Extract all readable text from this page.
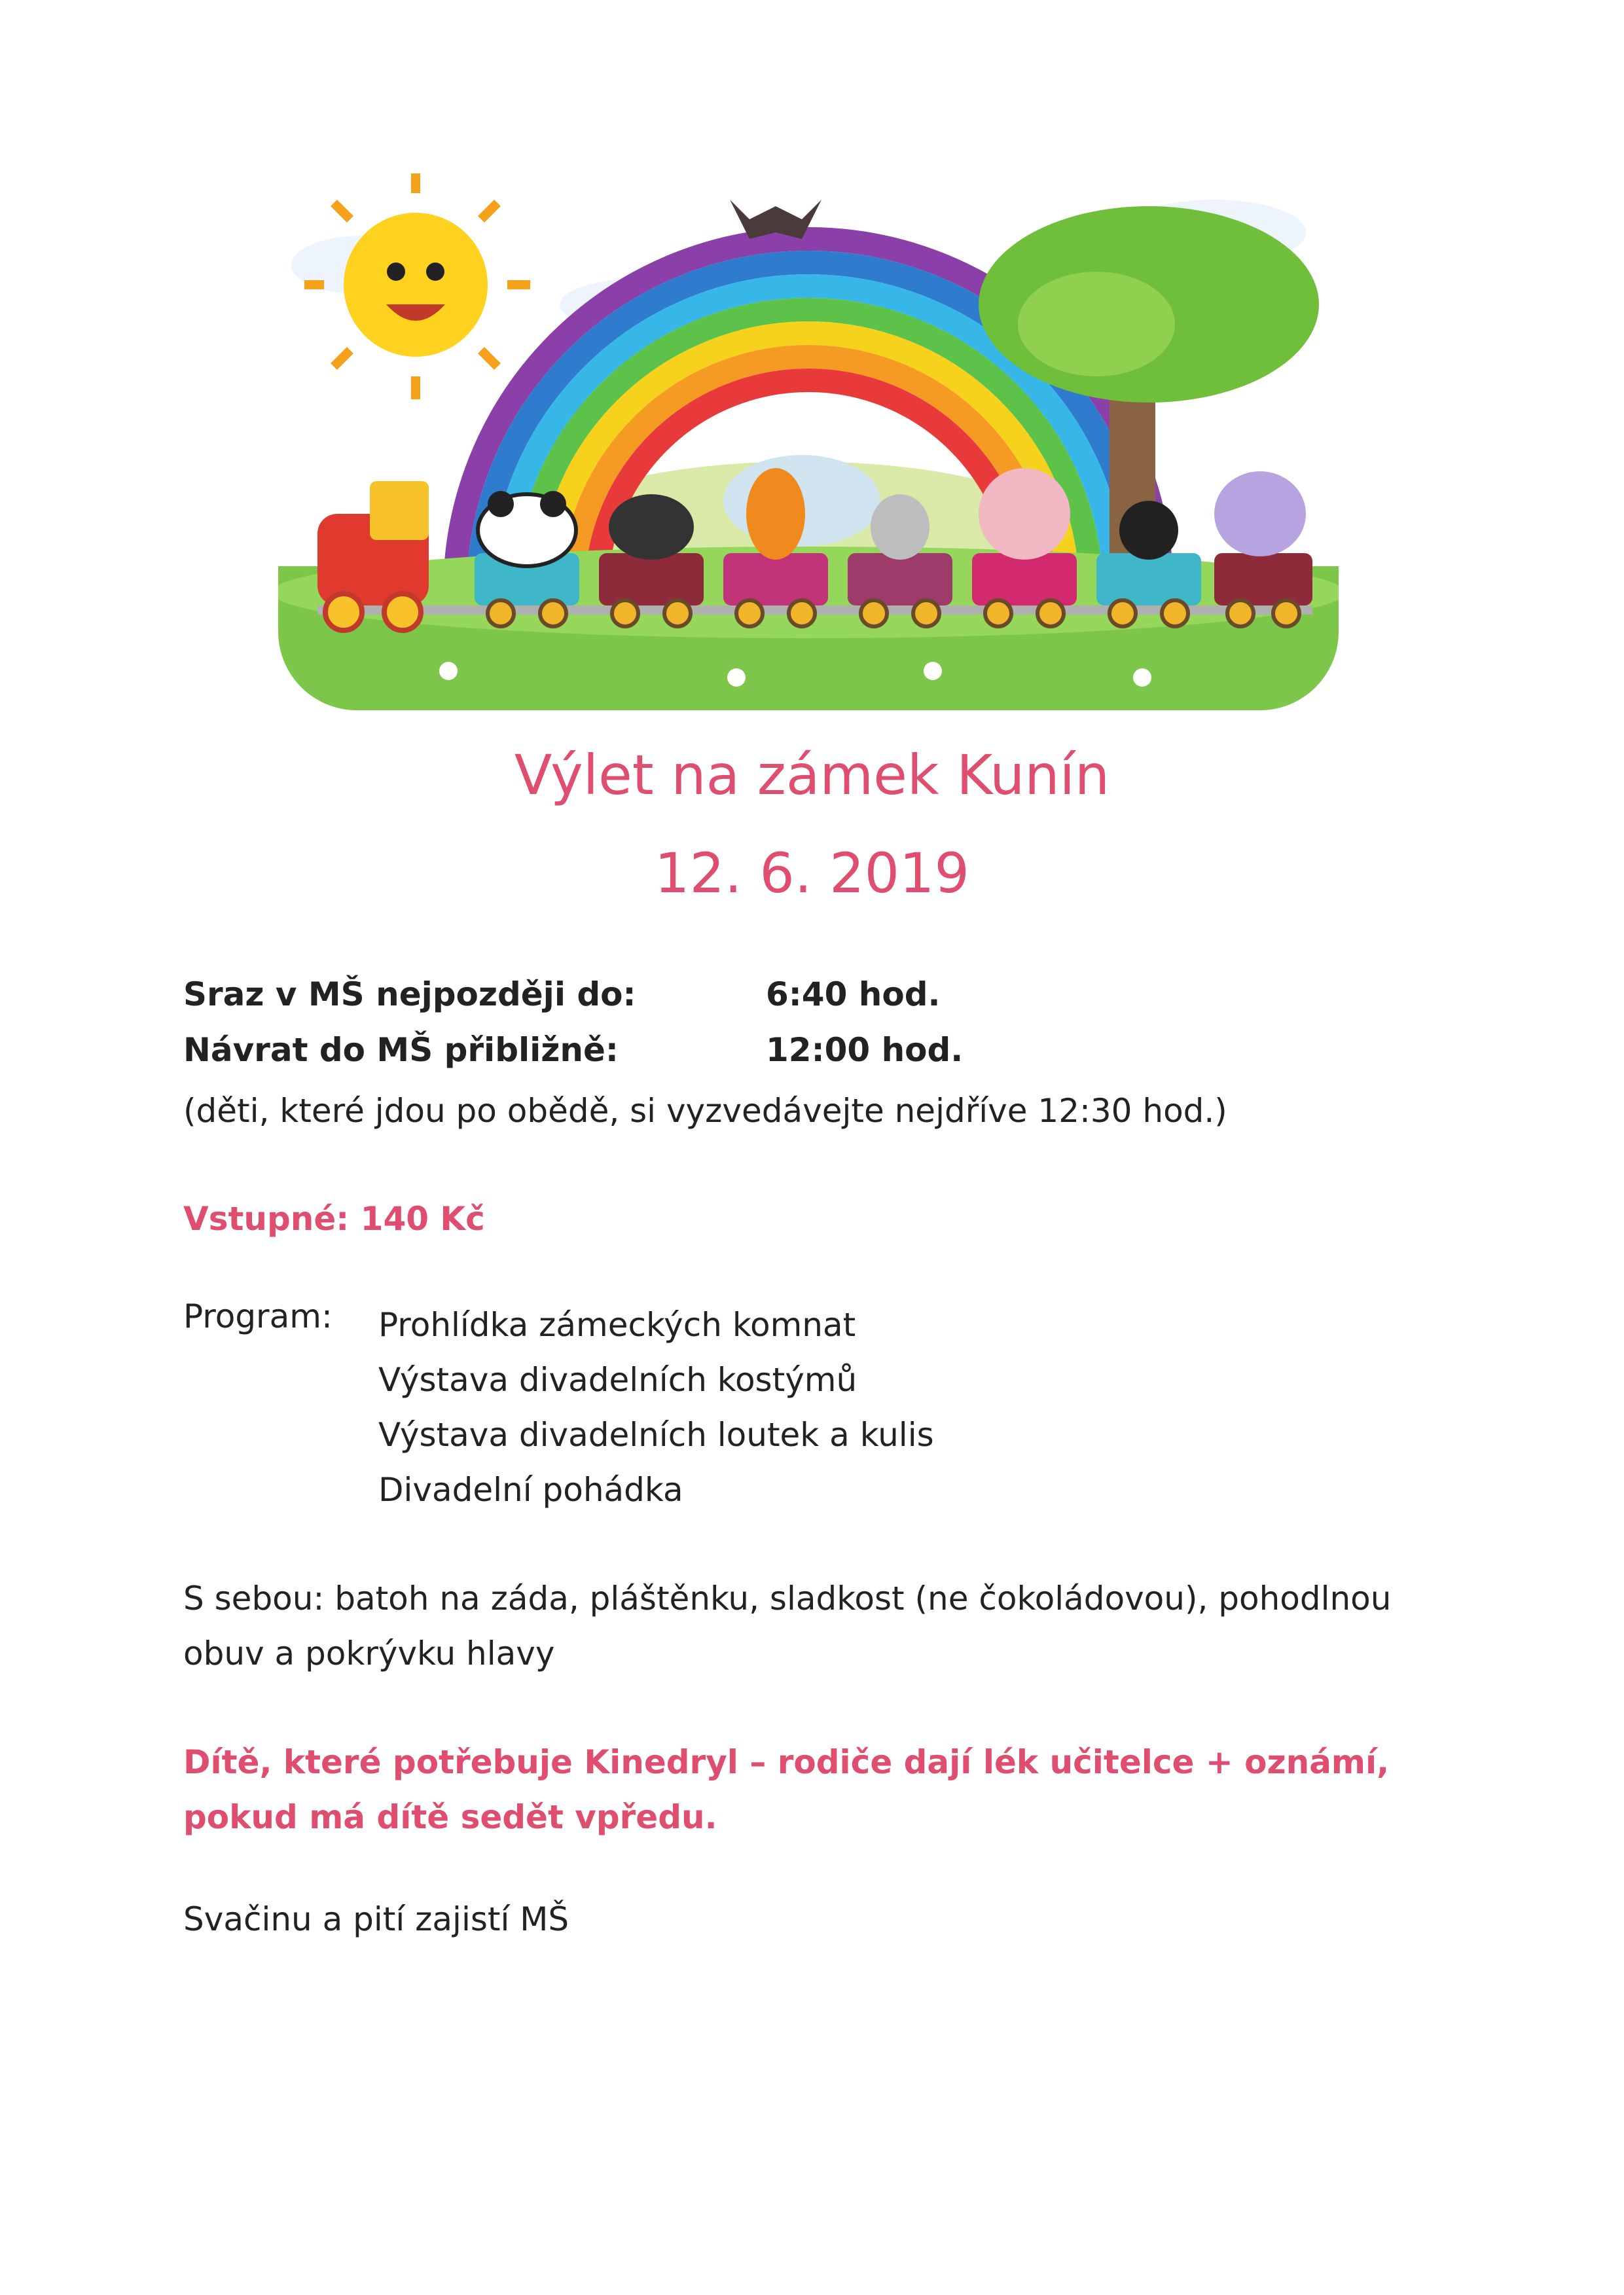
Výlet na zámek Kunín
12. 6. 2019
Sraz v MŠ nejpozději do:	6:40 hod.
Návrat do MŠ přibližně:	12:00 hod.
(děti, které jdou po obědě, si vyzvedávejte nejdříve 12:30 hod.)
Vstupné: 140 Kč
Program: Prohlídka zámeckých komnat
Výstava divadelních kostýmů
Výstava divadelních loutek a kulis
Divadelní pohádka
S sebou: batoh na záda, pláštěnku, sladkost (ne čokoládovou), pohodlnou obuv a pokrývku hlavy
Dítě, které potřebuje Kinedryl – rodiče dají lék učitelce + oznámí, pokud má dítě sedět vpředu.
Svačinu a pití zajistí MŠ
